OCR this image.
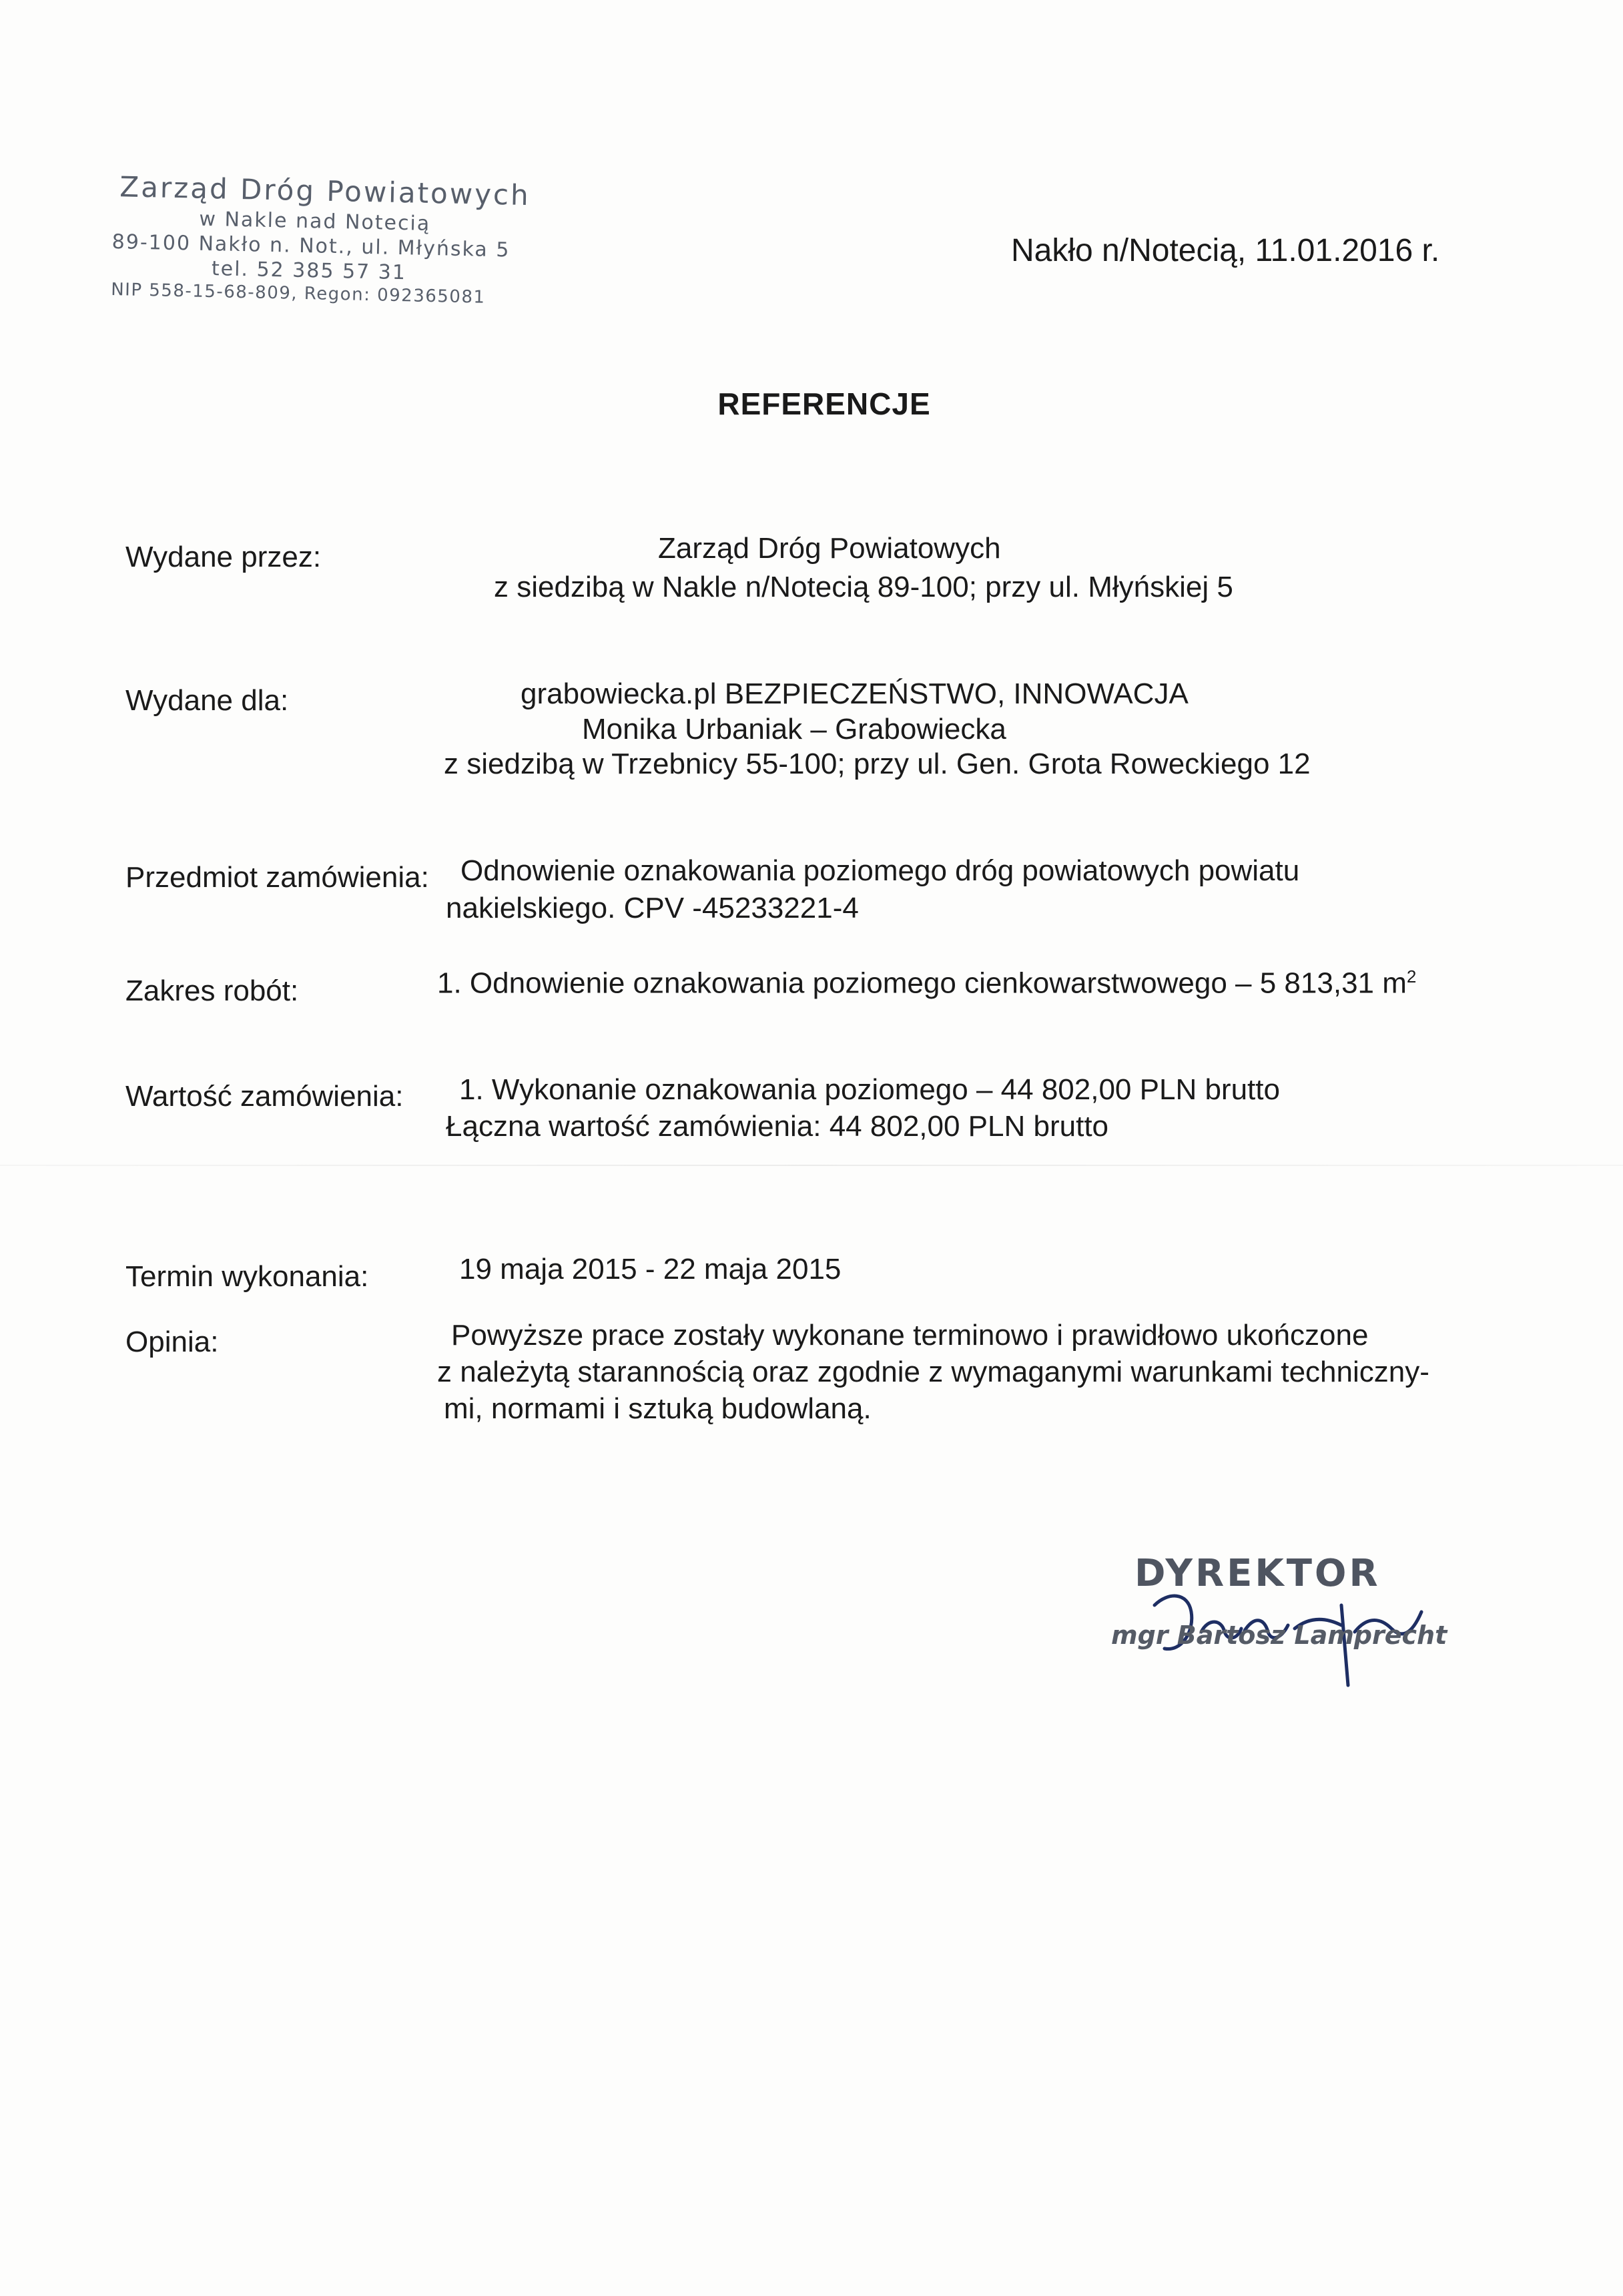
Zarząd Dróg Powiatowych
w Nakle nad Notecią
89-100 Nakło n. Not., ul. Młyńska 5
tel. 52 385 57 31
NIP 558-15-68-809, Regon: 092365081
Nakło n/Notecią, 11.01.2016 r.
REFERENCJE
Wydane przez:	Zarząd Dróg Powiatowych
z siedzibą w Nakle n/Notecią 89-100; przy ul. Młyńskiej 5
Wydane dla:	grabowiecka.pl BEZPIECZEŃSTWO, INNOWACJA
Monika Urbaniak – Grabowiecka
z siedzibą w Trzebnicy 55-100; przy ul. Gen. Grota Roweckiego 12
Przedmiot zamówienia: Odnowienie oznakowania poziomego dróg powiatowych powiatu
nakielskiego. CPV -45233221-4
Zakres robót:	1. Odnowienie oznakowania poziomego cienkowarstwowego – 5 813,31 $m^2$
Wartość zamówienia: 1. Wykonanie oznakowania poziomego – 44 802,00 PLN brutto
Łączna wartość zamówienia: 44 802,00 PLN brutto
Termin wykonania:	19 maja 2015 - 22 maja 2015
Opinia:	Powyższe prace zostały wykonane terminowo i prawidłowo ukończone
z należytą starannością oraz zgodnie z wymaganymi warunkami techniczny-
mi, normami i sztuką budowlaną.
DYREKTOR
mgr Bartosz Lamprecht
